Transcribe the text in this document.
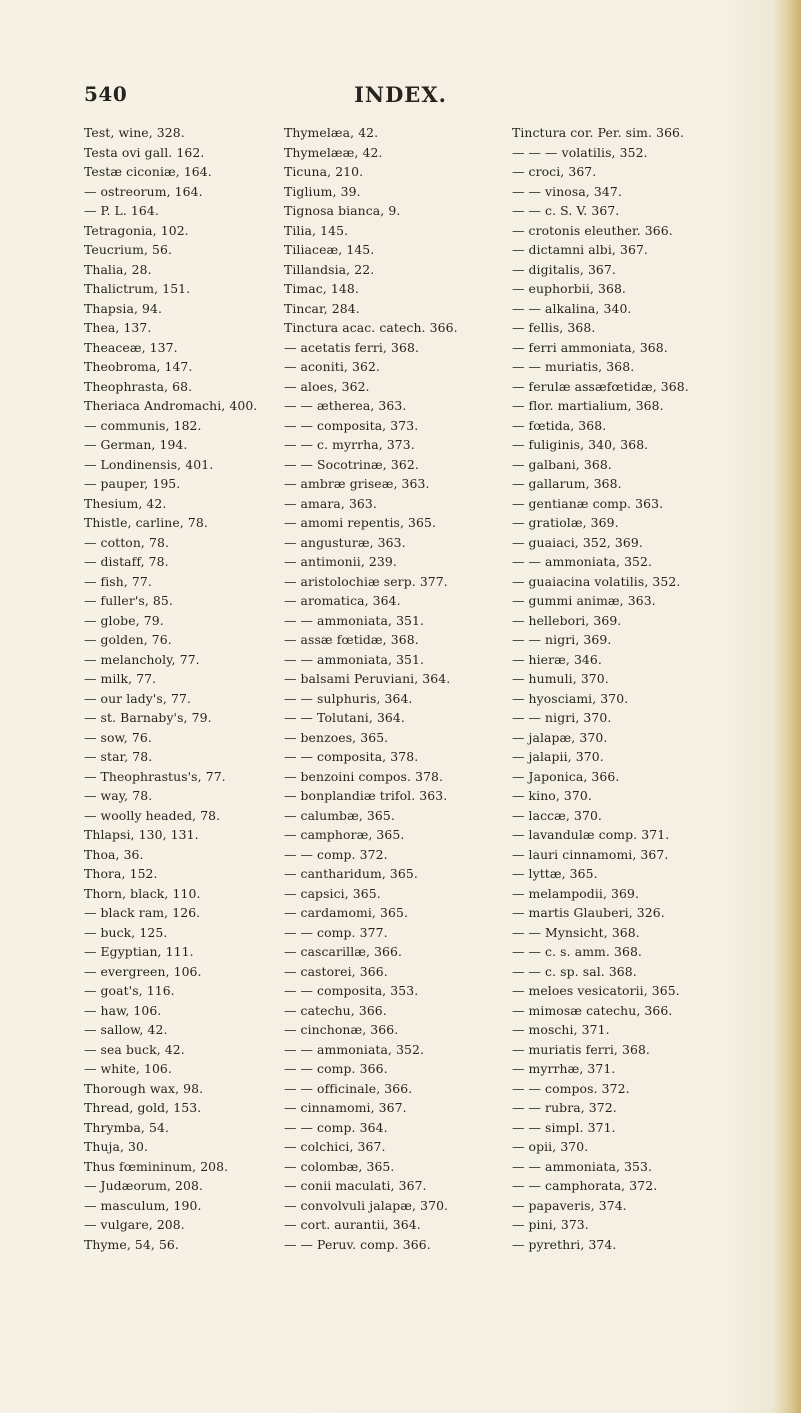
540	INDEX.
Test, wine, 328.
Testa ovi gall. 162.
Testæ ciconiæ, 164.
— ostreorum, 164.
— P. L. 164.
Tetragonia, 102.
Teucrium, 56.
Thalia, 28.
Thalictrum, 151.
Thapsia, 94.
Thea, 137.
Theaceæ, 137.
Theobroma, 147.
Theophrasta, 68.
Theriaca Andromachi, 400.
— communis, 182.
— German, 194.
— Londinensis, 401.
— pauper, 195.
Thesium, 42.
Thistle, carline, 78.
— cotton, 78.
— distaff, 78.
— fish, 77.
— fuller's, 85.
— globe, 79.
— golden, 76.
— melancholy, 77.
— milk, 77.
— our lady's, 77.
— st. Barnaby's, 79.
— sow, 76.
— star, 78.
— Theophrastus's, 77.
— way, 78.
— woolly headed, 78.
Thlapsi, 130, 131.
Thoa, 36.
Thora, 152.
Thorn, black, 110.
— black ram, 126.
— buck, 125.
— Egyptian, 111.
— evergreen, 106.
— goat's, 116.
— haw, 106.
— sallow, 42.
— sea buck, 42.
— white, 106.
Thorough wax, 98.
Thread, gold, 153.
Thrymba, 54.
Thuja, 30.
Thus fœmininum, 208.
— Judæorum, 208.
— masculum, 190.
— vulgare, 208.
Thyme, 54, 56.
Thymelæa, 42.
Thymelææ, 42.
Ticuna, 210.
Tiglium, 39.
Tignosa bianca, 9.
Tilia, 145.
Tiliaceæ, 145.
Tillandsia, 22.
Timac, 148.
Tincar, 284.
Tinctura acac. catech. 366.
— acetatis ferri, 368.
— aconiti, 362.
— aloes, 362.
— — ætherea, 363.
— — composita, 373.
— — c. myrrha, 373.
— — Socotrinæ, 362.
— ambræ griseæ, 363.
— amara, 363.
— amomi repentis, 365.
— angusturæ, 363.
— antimonii, 239.
— aristolochiæ serp. 377.
— aromatica, 364.
— — ammoniata, 351.
— assæ fœtidæ, 368.
— — ammoniata, 351.
— balsami Peruviani, 364.
— — sulphuris, 364.
— — Tolutani, 364.
— benzoes, 365.
— — composita, 378.
— benzoini compos. 378.
— bonplandiæ trifol. 363.
— calumbæ, 365.
— camphoræ, 365.
— — comp. 372.
— cantharidum, 365.
— capsici, 365.
— cardamomi, 365.
— — comp. 377.
— cascarillæ, 366.
— castorei, 366.
— — composita, 353.
— catechu, 366.
— cinchonæ, 366.
— — ammoniata, 352.
— — comp. 366.
— — officinale, 366.
— cinnamomi, 367.
— — comp. 364.
— colchici, 367.
— colombæ, 365.
— conii maculati, 367.
— convolvuli jalapæ, 370.
— cort. aurantii, 364.
— — Peruv. comp. 366.
Tinctura cor. Per. sim. 366.
— — — volatilis, 352.
— croci, 367.
— — vinosa, 347.
— — c. S. V. 367.
— crotonis eleuther. 366.
— dictamni albi, 367.
— digitalis, 367.
— euphorbii, 368.
— — alkalina, 340.
— fellis, 368.
— ferri ammoniata, 368.
— — muriatis, 368.
— ferulæ assæfœtidæ, 368.
— flor. martialium, 368.
— fœtida, 368.
— fuliginis, 340, 368.
— galbani, 368.
— gallarum, 368.
— gentianæ comp. 363.
— gratiolæ, 369.
— guaiaci, 352, 369.
— — ammoniata, 352.
— guaiacina volatilis, 352.
— gummi animæ, 363.
— hellebori, 369.
— — nigri, 369.
— hieræ, 346.
— humuli, 370.
— hyosciami, 370.
— — nigri, 370.
— jalapæ, 370.
— jalapii, 370.
— Japonica, 366.
— kino, 370.
— laccæ, 370.
— lavandulæ comp. 371.
— lauri cinnamomi, 367.
— lyttæ, 365.
— melampodii, 369.
— martis Glauberi, 326.
— — Mynsicht, 368.
— — c. s. amm. 368.
— — c. sp. sal. 368.
— meloes vesicatorii, 365.
— mimosæ catechu, 366.
— moschi, 371.
— muriatis ferri, 368.
— myrrhæ, 371.
— — compos. 372.
— — rubra, 372.
— — simpl. 371.
— opii, 370.
— — ammoniata, 353.
— — camphorata, 372.
— papaveris, 374.
— pini, 373.
— pyrethri, 374.
